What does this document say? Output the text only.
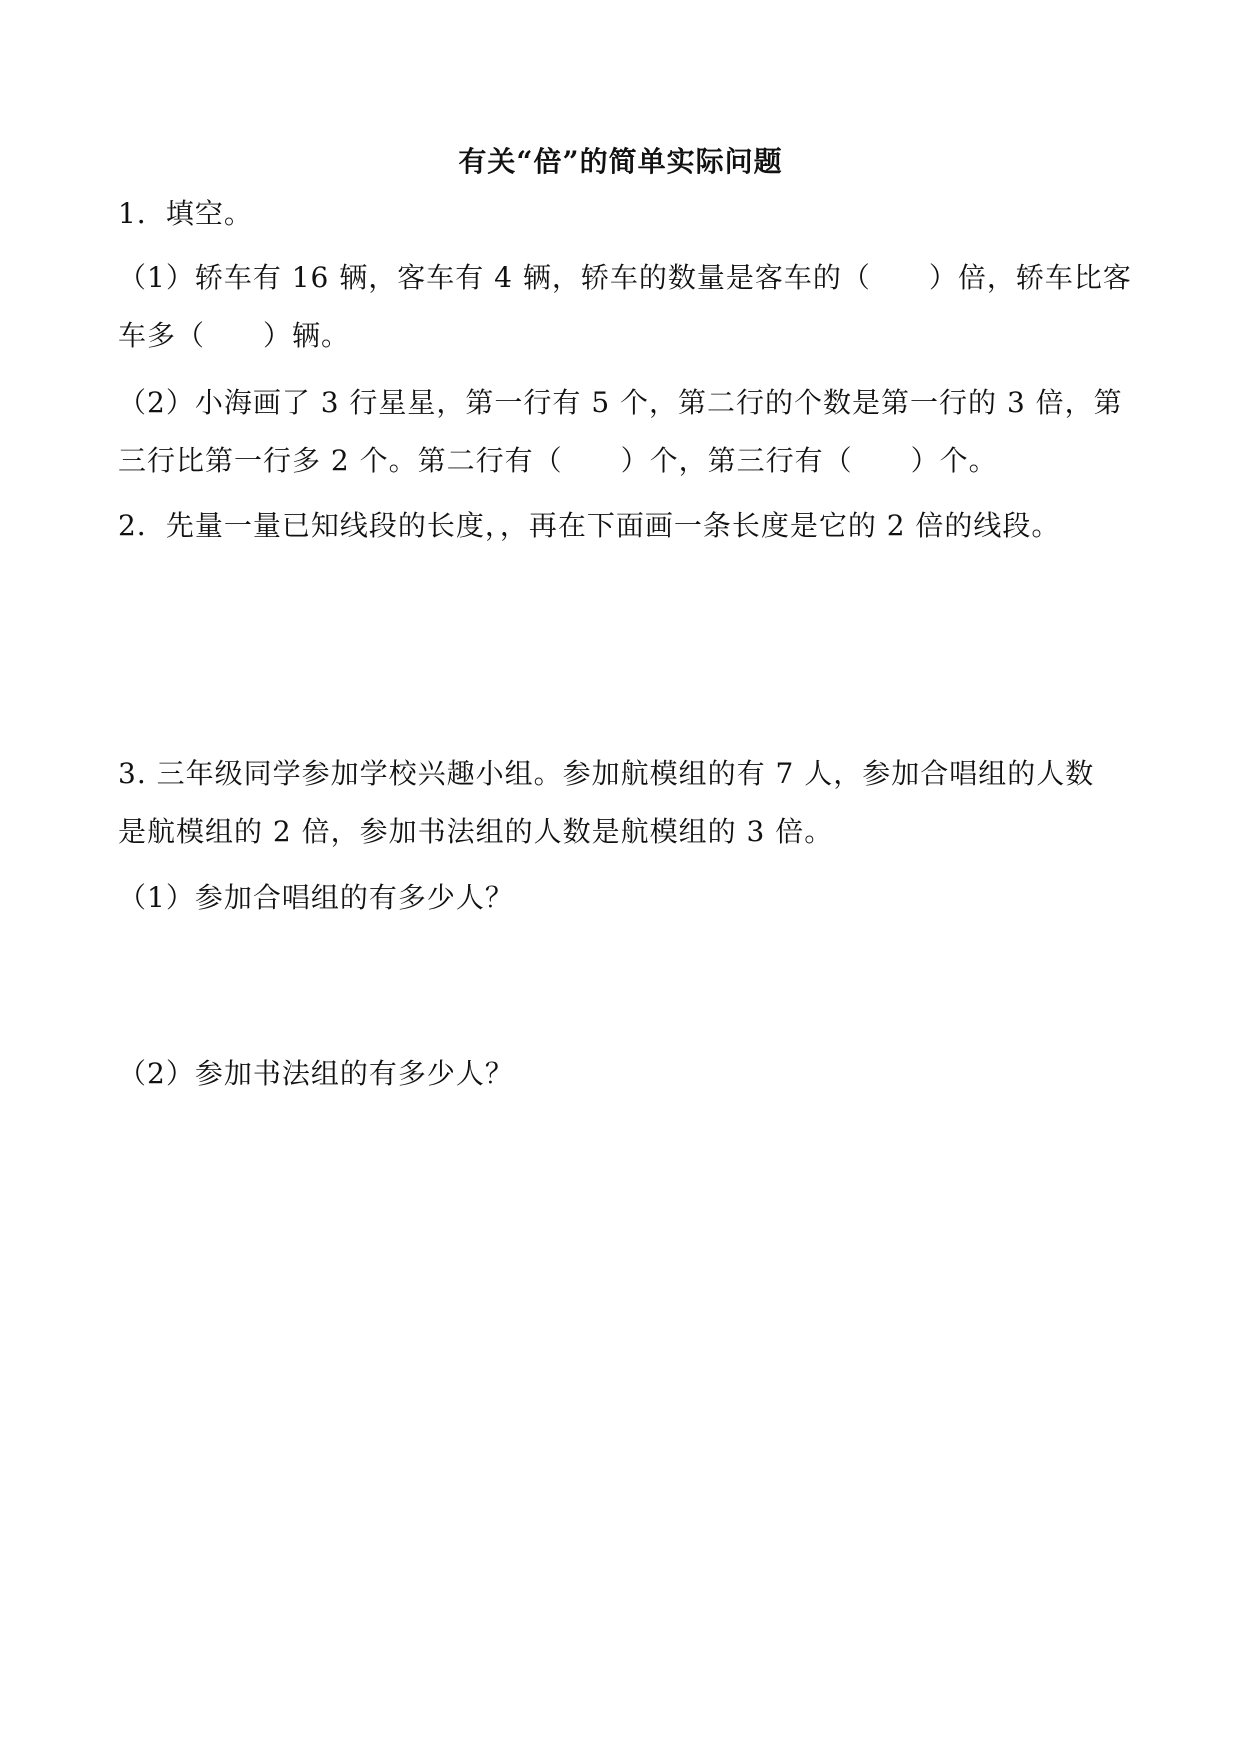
有关“倍”的简单实际问题
1．填空。
（1）轿车有 16 辆，客车有 4 辆，轿车的数量是客车的（　　）倍，轿车比客
车多（　　）辆。
（2）小海画了 3 行星星，第一行有 5 个，第二行的个数是第一行的 3 倍，第
三行比第一行多 2 个。第二行有（　　）个，第三行有（　　）个。
2．先量一量已知线段的长度，，再在下面画一条长度是它的 2 倍的线段。
3. 三年级同学参加学校兴趣小组。参加航模组的有 7 人，参加合唱组的人数
是航模组的 2 倍，参加书法组的人数是航模组的 3 倍。
（1）参加合唱组的有多少人？
（2）参加书法组的有多少人？
